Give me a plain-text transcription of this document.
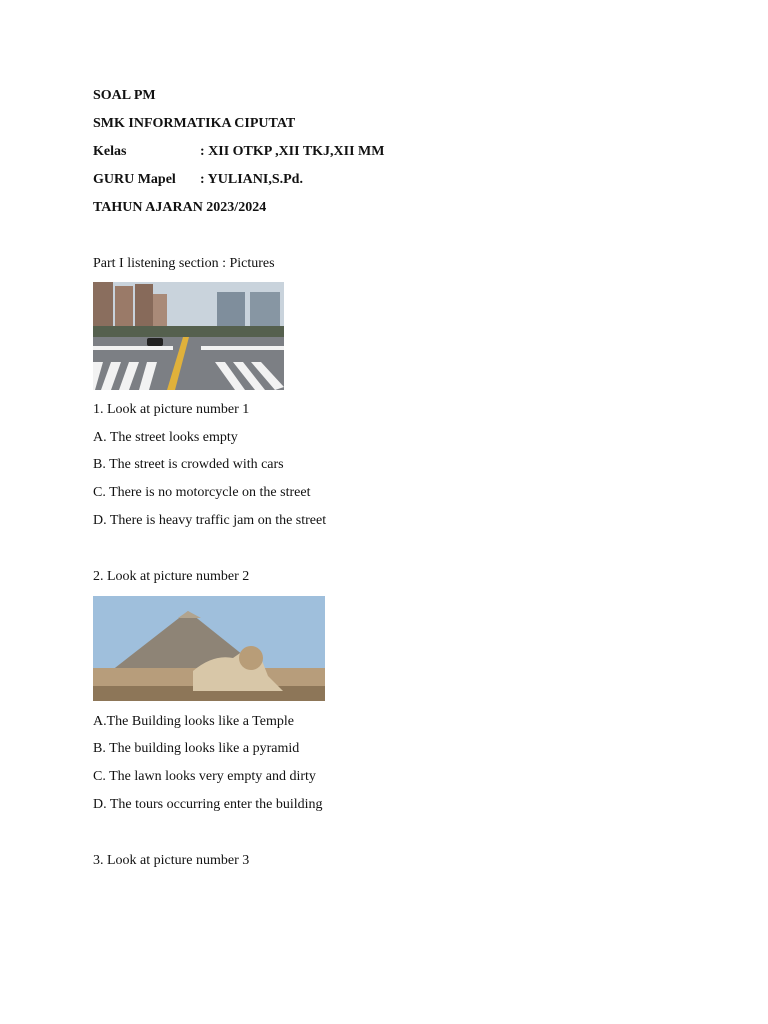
SOAL PM
SMK INFORMATIKA CIPUTAT
Kelas	: XII OTKP ,XII TKJ,XII MM
GURU Mapel : YULIANI,S.Pd.
TAHUN AJARAN 2023/2024
Part I listening section : Pictures
1. Look at picture number 1
A. The street looks empty
B. The street is crowded with cars
C. There is no motorcycle on the street
D. There is heavy traffic jam on the street
2. Look at picture number 2
A.The Building looks like a Temple
B. The building looks like a pyramid
C. The lawn looks very empty and dirty
D. The tours occurring enter the building
3. Look at picture number 3
